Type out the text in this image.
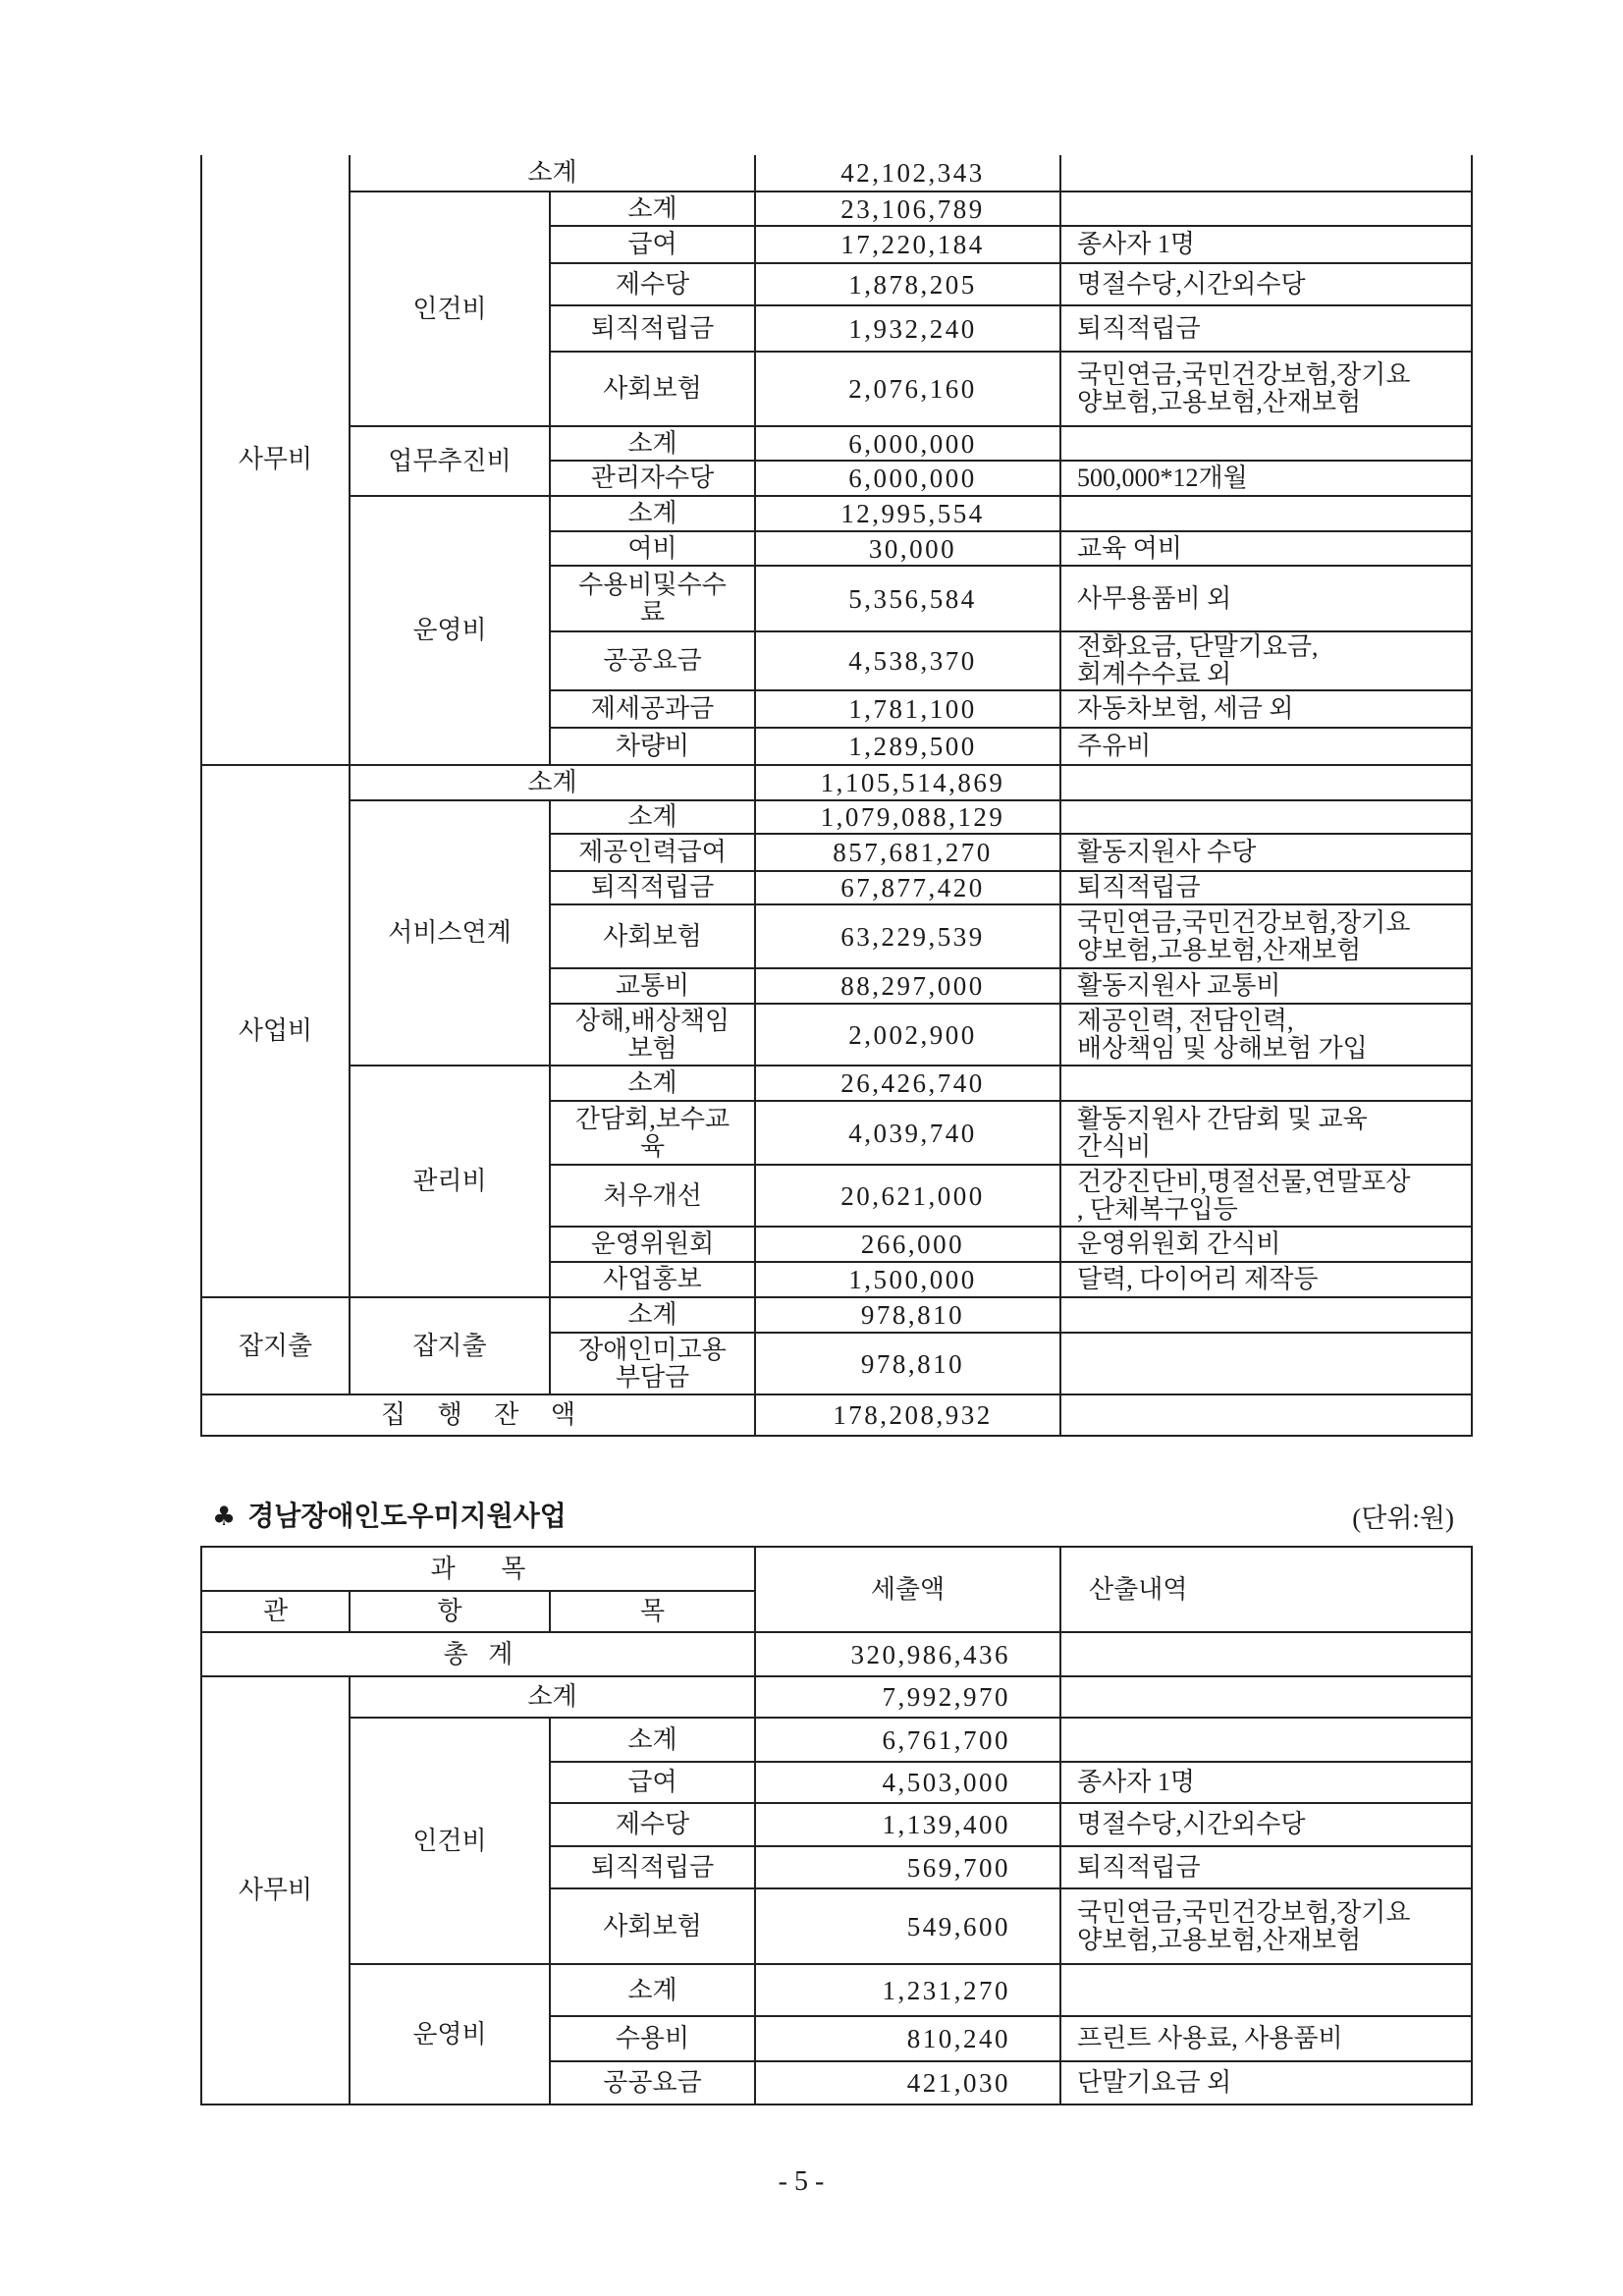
사무비	소계		42,102,343	
	인건비	소계	23,106,789	
		급여	17,220,184	종사자 1명
		제수당	1,878,205	명절수당,시간외수당
		퇴직적립금	1,932,240	퇴직적립금
		사회보험	2,076,160	국민연금,국민건강보험,장기요
양보험,고용보험,산재보험
	업무추진비	소계	6,000,000	
		관리자수당	6,000,000	500,000*12개월
	운영비	소계	12,995,554	
		여비	30,000	교육 여비
		수용비및수수
료	5,356,584	사무용품비 외
		공공요금	4,538,370	전화요금, 단말기요금,
회계수수료 외
		제세공과금	1,781,100	자동차보험, 세금 외
		차량비	1,289,500	주유비
사업비	소계		1,105,514,869	
	서비스연계	소계	1,079,088,129	
		제공인력급여	857,681,270	활동지원사 수당
		퇴직적립금	67,877,420	퇴직적립금
		사회보험	63,229,539	국민연금,국민건강보험,장기요
양보험,고용보험,산재보험
		교통비	88,297,000	활동지원사 교통비
		상해,배상책임
보험	2,002,900	제공인력, 전담인력,
배상책임 및 상해보험 가입
	관리비	소계	26,426,740	
		간담회,보수교
육	4,039,740	활동지원사 간담회 및 교육
간식비
		처우개선	20,621,000	건강진단비,명절선물,연말포상
, 단체복구입등
		운영위원회	266,000	운영위원회 간식비
		사업홍보	1,500,000	달력, 다이어리 제작등
잡지출	잡지출	소계	978,810	
		장애인미고용
부담금	978,810	
집 행 잔 액			178,208,932	
♣경남장애인도우미지원사업	(단위:원)
과 목			세출액	산출내역
관	항	목		
총 계			320,986,436	
사무비	소계		7,992,970	
	인건비	소계	6,761,700	
		급여	4,503,000	종사자 1명
		제수당	1,139,400	명절수당,시간외수당
		퇴직적립금	569,700	퇴직적립금
		사회보험	549,600	국민연금,국민건강보험,장기요
양보험,고용보험,산재보험
	운영비	소계	1,231,270	
		수용비	810,240	프린트 사용료, 사용품비
		공공요금	421,030	단말기요금 외
- 5 -
